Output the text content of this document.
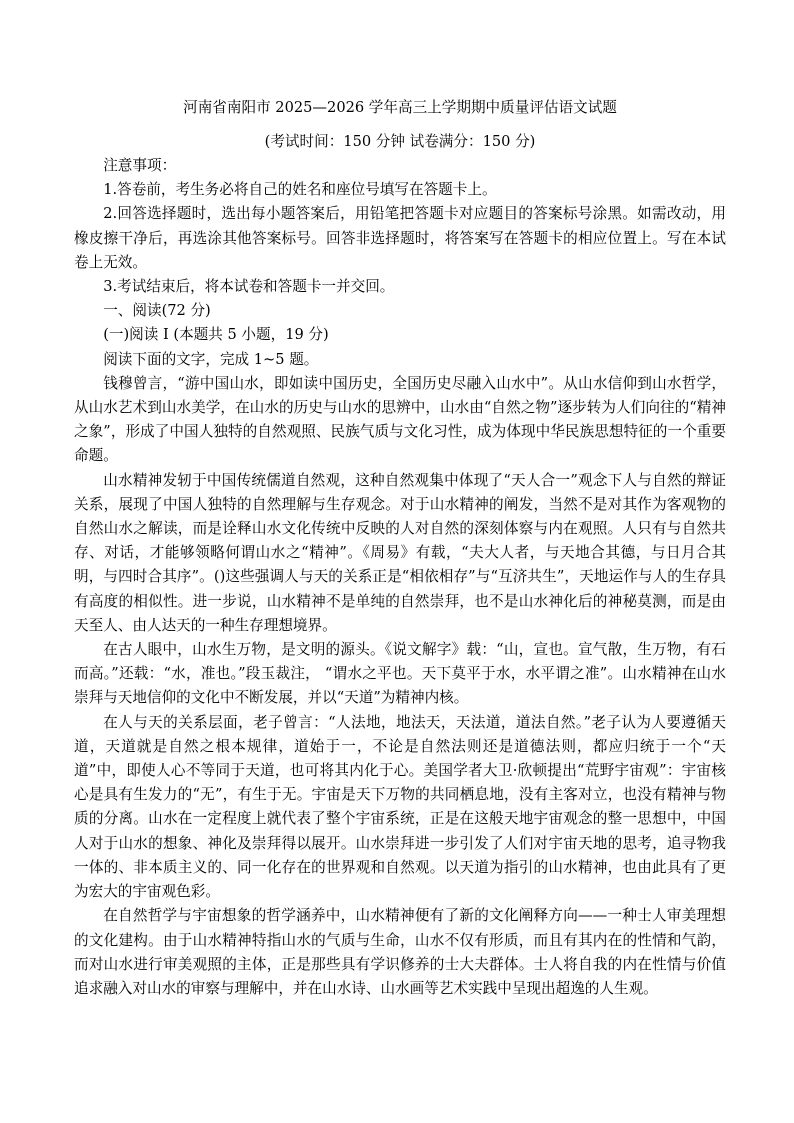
河南省南阳市 2025—2026 学年高三上学期期中质量评估语文试题

(考试时间：150 分钟 试卷满分：150 分)

注意事项：

1.答卷前，考生务必将自己的姓名和座位号填写在答题卡上。

2.回答选择题时，选出每小题答案后，用铅笔把答题卡对应题目的答案标号涂黑。如需改动，用橡皮擦干净后，再选涂其他答案标号。回答非选择题时，将答案写在答题卡的相应位置上。写在本试卷上无效。

3.考试结束后，将本试卷和答题卡一并交回。

一、阅读(72 分)

(一)阅读 I (本题共 5 小题，19 分)

阅读下面的文字，完成 1~5 题。

钱穆曾言，“游中国山水，即如读中国历史，全国历史尽融入山水中”。从山水信仰到山水哲学，从山水艺术到山水美学，在山水的历史与山水的思辨中，山水由“自然之物”逐步转为人们向往的“精神之象”，形成了中国人独特的自然观照、民族气质与文化习性，成为体现中华民族思想特征的一个重要命题。

山水精神发轫于中国传统儒道自然观，这种自然观集中体现了“天人合一”观念下人与自然的辩证关系，展现了中国人独特的自然理解与生存观念。对于山水精神的阐发，当然不是对其作为客观物的自然山水之解读，而是诠释山水文化传统中反映的人对自然的深刻体察与内在观照。人只有与自然共存、对话，才能够领略何谓山水之“精神”。《周易》有载，“夫大人者，与天地合其德，与日月合其明，与四时合其序”。()这些强调人与天的关系正是“相依相存”与“互济共生”，天地运作与人的生存具有高度的相似性。进一步说，山水精神不是单纯的自然崇拜，也不是山水神化后的神秘莫测，而是由天至人、由人达天的一种生存理想境界。

在古人眼中，山水生万物，是文明的源头。《说文解字》载：“山，宣也。宣气散，生万物，有石而高。”还载：“水，准也。”段玉裁注， “谓水之平也。天下莫平于水，水平谓之准”。山水精神在山水崇拜与天地信仰的文化中不断发展，并以“天道”为精神内核。

在人与天的关系层面，老子曾言：“人法地，地法天，天法道，道法自然。”老子认为人要遵循天道，天道就是自然之根本规律，道始于一，不论是自然法则还是道德法则，都应归统于一个“天道”中，即使人心不等同于天道，也可将其内化于心。美国学者大卫·欣顿提出“荒野宇宙观”：宇宙核心是具有生发力的“无”，有生于无。宇宙是天下万物的共同栖息地，没有主客对立，也没有精神与物质的分离。山水在一定程度上就代表了整个宇宙系统，正是在这般天地宇宙观念的整一思想中，中国人对于山水的想象、神化及崇拜得以展开。山水崇拜进一步引发了人们对宇宙天地的思考，追寻物我一体的、非本质主义的、同一化存在的世界观和自然观。以天道为指引的山水精神，也由此具有了更为宏大的宇宙观色彩。

在自然哲学与宇宙想象的哲学涵养中，山水精神便有了新的文化阐释方向——一种士人审美理想的文化建构。由于山水精神特指山水的气质与生命，山水不仅有形质，而且有其内在的性情和气韵，而对山水进行审美观照的主体，正是那些具有学识修养的士大夫群体。士人将自我的内在性情与价值追求融入对山水的审察与理解中，并在山水诗、山水画等艺术实践中呈现出超逸的人生观。
